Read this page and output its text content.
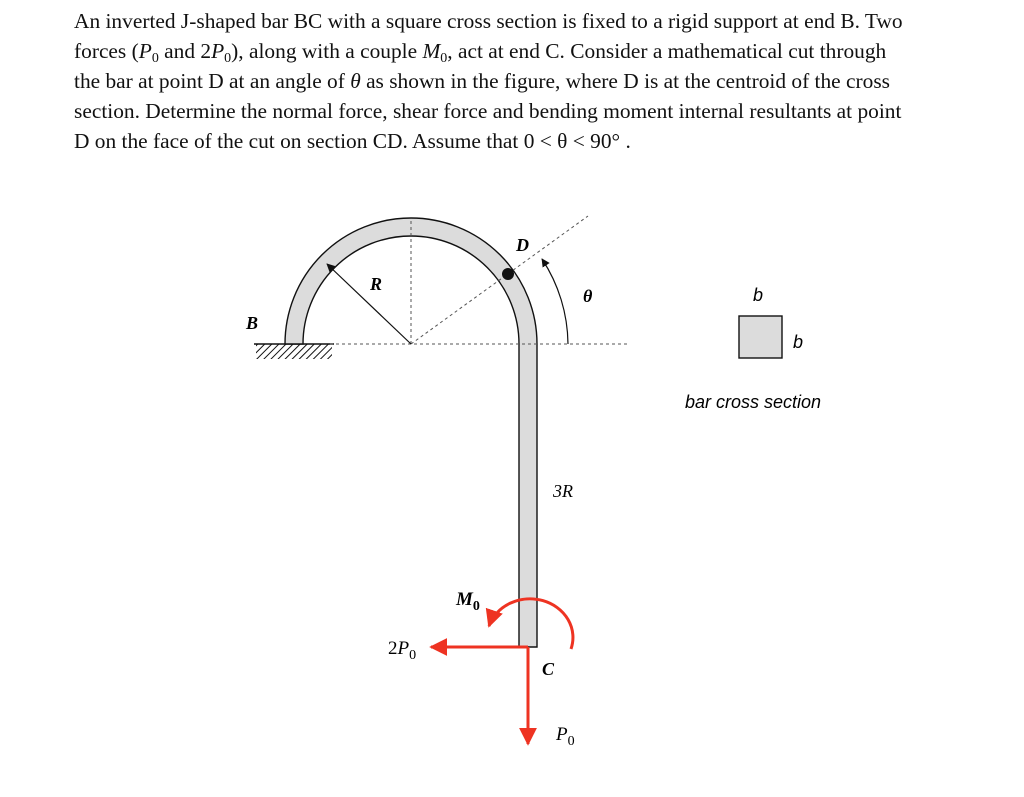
An inverted J-shaped bar BC with a square cross section is fixed to a rigid support at end B. Two

forces ($P_0$ and $2P_0$), along with a couple $M_0$, act at end C. Consider a mathematical cut through

the bar at point D at an angle of θ as shown in the figure, where D is at the centroid of the cross

section. Determine the normal force, shear force and bending moment internal resultants at point

D on the face of the cut on section CD. Assume that 0 < θ < 90° .

B
R
D
θ
3R
$M_0$
$2P_0$
C
$P_0$
b
b
bar cross section
